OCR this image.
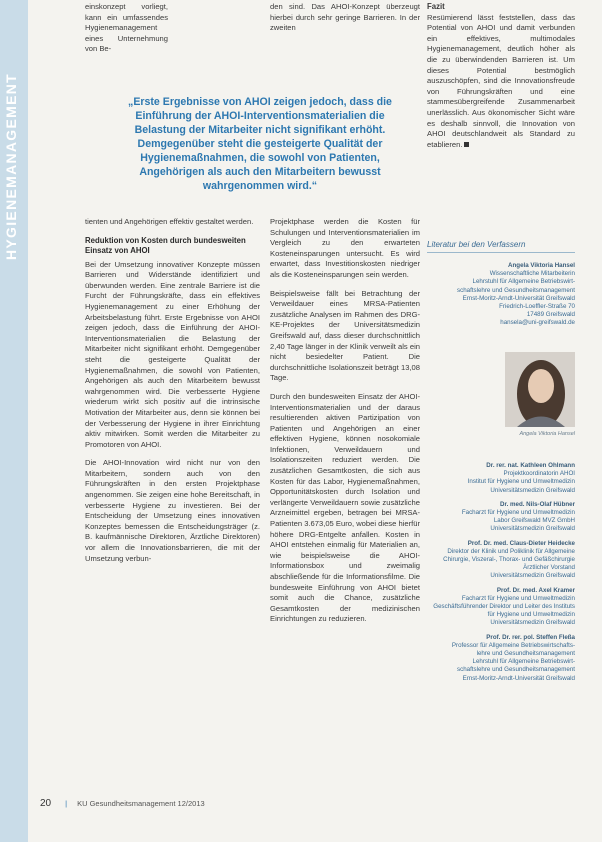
HYGIENEMANAGEMENT
einskonzept vorliegt, kann ein umfassendes Hygienemanagement eines Unternehmung von Be-
den sind. Das AHOI-Konzept überzeugt hierbei durch sehr geringe Barrieren. In der zweiten
Fazit
Resümierend lässt feststellen, dass das Potential von AHOI und damit verbunden ein effektives, multimodales Hygienemanagement, deutlich höher als die zu überwindenden Barrieren ist. Um dieses Potential bestmöglich auszuschöpfen, sind die Innovationsfreude von Führungskräften und eine stammesübergreifende Zusammenarbeit unerlässlich. Aus ökonomischer Sicht wäre es deshalb sinnvoll, die Innovation von AHOI deutschlandweit als Standard zu etablieren.
„Erste Ergebnisse von AHOI zeigen jedoch, dass die Einführung der AHOI-Interventionsmaterialien die Belastung der Mitarbeiter nicht signifikant erhöht. Demgegenüber steht die gesteigerte Qualität der Hygienemaßnahmen, die sowohl von Patienten, Angehörigen als auch den Mitarbeitern bewusst wahrgenommen wird.“

tienten und Angehörigen effektiv gestaltet werden.

Reduktion von Kosten durch bundesweiten Einsatz von AHOI

Bei der Umsetzung innovativer Konzepte müssen Barrieren und Widerstände identifiziert und überwunden werden. Eine zentrale Barriere ist die Furcht der Führungskräfte, dass ein effektives Hygienemanagement zu einer Erhöhung der Arbeitsbelastung führt. Erste Ergebnisse von AHOI zeigen jedoch, dass die Einführung der AHOI-Interventionsmaterialien die Belastung der Mitarbeiter nicht signifikant erhöht. Demgegenüber steht die gesteigerte Qualität der Hygienemaßnahmen, die sowohl von Patienten, Angehörigen als auch den Mitarbeitern bewusst wahrgenommen wird. Die verbesserte Hygiene wiederum wirkt sich positiv auf die intrinsische Motivation der Mitarbeiter aus, denn sie können bei der Verbesserung der Hygiene in ihrer Einrichtung aktiv mitwirken. Somit werden die Mitarbeiter zu Promotoren von AHOI.

Die AHOI-Innovation wird nicht nur von den Mitarbeitern, sondern auch von den Führungskräften in den ersten Projektphase angenommen. Sie zeigen eine hohe Bereitschaft, in verbesserte Hygiene zu investieren. Bei der Entscheidung der Umsetzung eines innovativen Konzeptes bemessen die Entscheidungsträger (z. B. kaufmännische Direktoren, Ärztliche Direktoren) vor allem die Innovationsbarrieren, die mit der Umsetzung verbun-

Projektphase werden die Kosten für Schulungen und Interventionsmaterialien im Vergleich zu den erwarteten Kosteneinsparungen untersucht. Es wird erwartet, dass Investitionskosten niedriger als die Kosteneinsparungen sein werden.

Beispielsweise fällt bei Betrachtung der Verweildauer eines MRSA-Patienten zusätzliche Analysen im Rahmen des DRG-KE-Projektes der Universitätsmedizin Greifswald auf, dass dieser durchschnittlich 2,40 Tage länger in der Klinik verweilt als ein nicht besiedelter Patient. Die durchschnittliche Isolationszeit beträgt 13,08 Tage.

Durch den bundesweiten Einsatz der AHOI-Interventionsmaterialien und der daraus resultierenden aktiven Partizipation von Patienten und Angehörigen an einer effektiven Hygiene, können nosokomiale Infektionen, Verweildauern und Isolationszeiten reduziert werden. Die zusätzlichen Gesamtkosten, die sich aus Kosten für das Labor, Hygienemaßnahmen, Opportunitätskosten durch Isolation und verlängerte Verweildauern sowie zusätzliche Arzneimittel ergeben, betragen bei MRSA-Patienten 3.673,05 Euro, wobei diese hierfür höhere DRG-Entgelte anfallen. Kosten in AHOI entstehen einmalig für Materialien an, wie beispielsweise die AHOI-Informationsbox und zweimalig abschließende für die Informationsfilme. Die bundesweite Einführung von AHOI bietet somit auch die Chance, zusätzliche Gesamtkosten der medizinischen Einrichtungen zu reduzieren.

Literatur bei den Verfassern
Angela Viktoria Hansel
Wissenschaftliche Mitarbeiterin
Lehrstuhl für Allgemeine Betriebswirt-
schaftslehre und Gesundheitsmanagement
Ernst-Moritz-Arndt-Universität Greifswald
Friedrich-Loeffler-Straße 70
17489 Greifswald
hansela@uni-greifswald.de
Angela Viktoria Hansel
Dr. rer. nat. Kathleen Ohlmann
Projektkoordinatorin AHOI
Institut für Hygiene und Umweltmedizin
Universitätsmedizin Greifswald
Dr. med. Nils-Olaf Hübner
Facharzt für Hygiene und Umweltmedizin
Labor Greifswald MVZ GmbH
Universitätsmedizin Greifswald
Prof. Dr. med. Claus-Dieter Heidecke
Direktor der Klinik und Poliklinik für Allgemeine Chirurgie, Viszeral-, Thorax- und Gefäßchirurgie
Ärztlicher Vorstand
Universitätsmedizin Greifswald
Prof. Dr. med. Axel Kramer
Facharzt für Hygiene und Umweltmedizin
Geschäftsführender Direktor und Leiter des Instituts für Hygiene und Umweltmedizin
Universitätsmedizin Greifswald
Prof. Dr. rer. pol. Steffen Fleßa
Professor für Allgemeine Betriebswirtschafts-
lehre und Gesundheitsmanagement
Lehrstuhl für Allgemeine Betriebswirt-
schaftslehre und Gesundheitsmanagement
Ernst-Moritz-Arndt-Universität Greifswald
20 | KU Gesundheitsmanagement 12/2013
